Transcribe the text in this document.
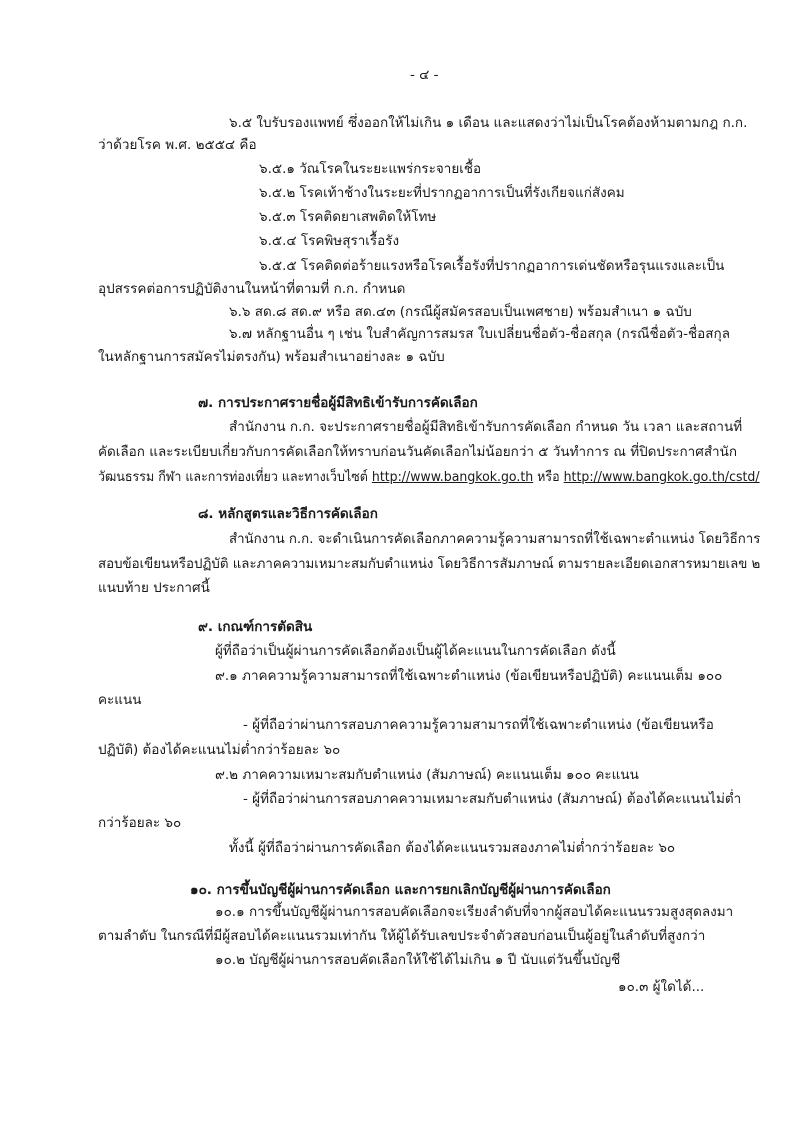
- ๔ -
๖.๕ ใบรับรองแพทย์ ซึ่งออกให้ไม่เกิน ๑ เดือน และแสดงว่าไม่เป็นโรคต้องห้ามตามกฎ ก.ก.
ว่าด้วยโรค พ.ศ. ๒๕๕๔ คือ
๖.๕.๑ วัณโรคในระยะแพร่กระจายเชื้อ
๖.๕.๒ โรคเท้าช้างในระยะที่ปรากฏอาการเป็นที่รังเกียจแก่สังคม
๖.๕.๓ โรคติดยาเสพติดให้โทษ
๖.๕.๔ โรคพิษสุราเรื้อรัง
๖.๕.๕ โรคติดต่อร้ายแรงหรือโรคเรื้อรังที่ปรากฏอาการเด่นชัดหรือรุนแรงและเป็น
อุปสรรคต่อการปฏิบัติงานในหน้าที่ตามที่ ก.ก. กำหนด
๖.๖ สด.๘ สด.๙ หรือ สด.๔๓ (กรณีผู้สมัครสอบเป็นเพศชาย) พร้อมสำเนา ๑ ฉบับ
๖.๗ หลักฐานอื่น ๆ เช่น ใบสำคัญการสมรส ใบเปลี่ยนชื่อตัว-ชื่อสกุล (กรณีชื่อตัว-ชื่อสกุล
ในหลักฐานการสมัครไม่ตรงกัน) พร้อมสำเนาอย่างละ ๑ ฉบับ
๗. การประกาศรายชื่อผู้มีสิทธิเข้ารับการคัดเลือก
สำนักงาน ก.ก. จะประกาศรายชื่อผู้มีสิทธิเข้ารับการคัดเลือก กำหนด วัน เวลา และสถานที่
คัดเลือก และระเบียบเกี่ยวกับการคัดเลือกให้ทราบก่อนวันคัดเลือกไม่น้อยกว่า ๕ วันทำการ ณ ที่ปิดประกาศสำนัก
วัฒนธรรม กีฬา และการท่องเที่ยว และทางเว็บไซต์ http://www.bangkok.go.th หรือ http://www.bangkok.go.th/cstd/
๘. หลักสูตรและวิธีการคัดเลือก
สำนักงาน ก.ก. จะดำเนินการคัดเลือกภาคความรู้ความสามารถที่ใช้เฉพาะตำแหน่ง โดยวิธีการ
สอบข้อเขียนหรือปฏิบัติ และภาคความเหมาะสมกับตำแหน่ง โดยวิธีการสัมภาษณ์ ตามรายละเอียดเอกสารหมายเลข ๒
แนบท้าย ประกาศนี้
๙. เกณฑ์การตัดสิน
ผู้ที่ถือว่าเป็นผู้ผ่านการคัดเลือกต้องเป็นผู้ได้คะแนนในการคัดเลือก ดังนี้
๙.๑ ภาคความรู้ความสามารถที่ใช้เฉพาะตำแหน่ง (ข้อเขียนหรือปฏิบัติ) คะแนนเต็ม ๑๐๐
คะแนน
- ผู้ที่ถือว่าผ่านการสอบภาคความรู้ความสามารถที่ใช้เฉพาะตำแหน่ง (ข้อเขียนหรือ
ปฏิบัติ) ต้องได้คะแนนไม่ต่ำกว่าร้อยละ ๖๐
๙.๒ ภาคความเหมาะสมกับตำแหน่ง (สัมภาษณ์) คะแนนเต็ม ๑๐๐ คะแนน
- ผู้ที่ถือว่าผ่านการสอบภาคความเหมาะสมกับตำแหน่ง (สัมภาษณ์) ต้องได้คะแนนไม่ต่ำ
กว่าร้อยละ ๖๐
ทั้งนี้ ผู้ที่ถือว่าผ่านการคัดเลือก ต้องได้คะแนนรวมสองภาคไม่ต่ำกว่าร้อยละ ๖๐
๑๐. การขึ้นบัญชีผู้ผ่านการคัดเลือก และการยกเลิกบัญชีผู้ผ่านการคัดเลือก
๑๐.๑ การขึ้นบัญชีผู้ผ่านการสอบคัดเลือกจะเรียงลำดับที่จากผู้สอบได้คะแนนรวมสูงสุดลงมา
ตามลำดับ ในกรณีที่มีผู้สอบได้คะแนนรวมเท่ากัน ให้ผู้ได้รับเลขประจำตัวสอบก่อนเป็นผู้อยู่ในลำดับที่สูงกว่า
๑๐.๒ บัญชีผู้ผ่านการสอบคัดเลือกให้ใช้ได้ไม่เกิน ๑ ปี นับแต่วันขึ้นบัญชี
๑๐.๓ ผู้ใดได้...
